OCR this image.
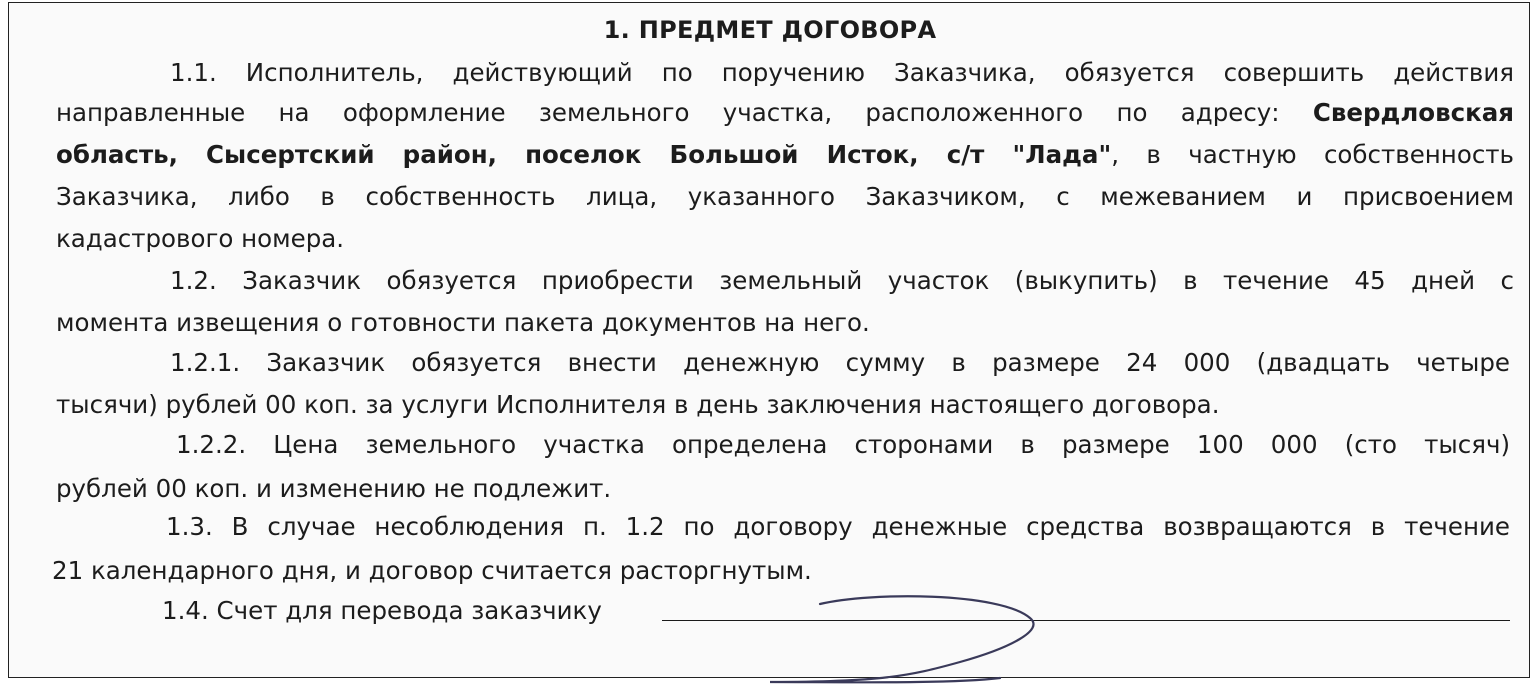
1. ПРЕДМЕТ ДОГОВОРА
1.1. Исполнитель, действующий по поручению Заказчика, обязуется совершить действия
направленные на оформление земельного участка, расположенного по адресу: Свердловская
область, Сысертский район, поселок Большой Исток, с/т "Лада", в частную собственность
Заказчика, либо в собственность лица, указанного Заказчиком, с межеванием и присвоением
кадастрового номера.
1.2. Заказчик обязуется приобрести земельный участок (выкупить) в течение 45 дней с
момента извещения о готовности пакета документов на него.
1.2.1. Заказчик обязуется внести денежную сумму в размере 24 000 (двадцать четыре
тысячи) рублей 00 коп. за услуги Исполнителя в день заключения настоящего договора.
1.2.2. Цена земельного участка определена сторонами в размере 100 000 (сто тысяч)
рублей 00 коп. и изменению не подлежит.
1.3. В случае несоблюдения п. 1.2 по договору денежные средства возвращаются в течение
21 календарного дня, и договор считается расторгнутым.
1.4. Счет для перевода заказчику
